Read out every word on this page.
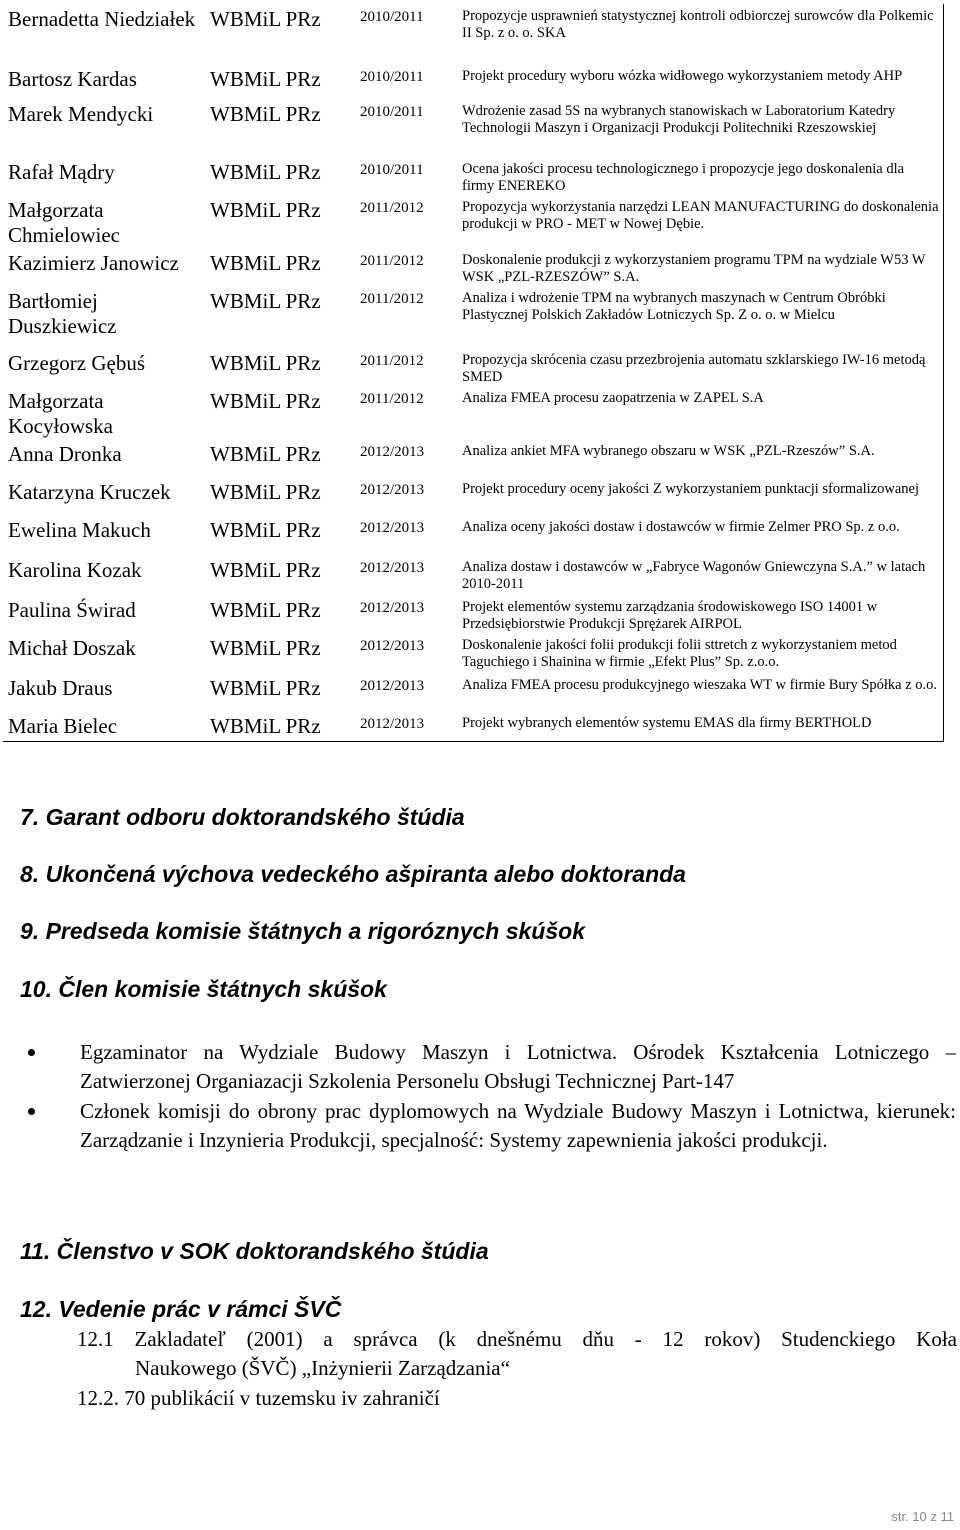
Bernadetta Niedziałek	WBMiL PRz	2010/2011	Propozycje usprawnień statystycznej kontroli odbiorczej surowców dla Polkemic II Sp. z o. o. SKA
Bartosz Kardas	WBMiL PRz	2010/2011	Projekt procedury wyboru wózka widłowego wykorzystaniem metody AHP
Marek Mendycki	WBMiL PRz	2010/2011	Wdrożenie zasad 5S na wybranych stanowiskach w Laboratorium Katedry Technologii Maszyn i Organizacji Produkcji Politechniki Rzeszowskiej
Rafał Mądry	WBMiL PRz	2010/2011	Ocena jakości procesu technologicznego i propozycje jego doskonalenia dla firmy ENEREKO
Małgorzata Chmielowiec	WBMiL PRz	2011/2012	Propozycja wykorzystania narzędzi LEAN MANUFACTURING do doskonalenia produkcji w PRO - MET w Nowej Dębie.
Kazimierz Janowicz	WBMiL PRz	2011/2012	Doskonalenie produkcji z wykorzystaniem programu TPM na wydziale W53 W WSK „PZL-RZESZÓW” S.A.
Bartłomiej Duszkiewicz	WBMiL PRz	2011/2012	Analiza i wdrożenie TPM na wybranych maszynach w Centrum Obróbki Plastycznej Polskich Zakładów Lotniczych Sp. Z o. o. w Mielcu
Grzegorz Gębuś	WBMiL PRz	2011/2012	Propozycja skrócenia czasu przezbrojenia automatu szklarskiego IW-16 metodą SMED
Małgorzata Kocyłowska	WBMiL PRz	2011/2012	Analiza FMEA procesu zaopatrzenia w ZAPEL S.A
Anna Dronka	WBMiL PRz	2012/2013	Analiza ankiet MFA wybranego obszaru w WSK „PZL-Rzeszów” S.A.
Katarzyna Kruczek	WBMiL PRz	2012/2013	Projekt procedury oceny jakości Z wykorzystaniem punktacji sformalizowanej
Ewelina Makuch	WBMiL PRz	2012/2013	Analiza oceny jakości dostaw i dostawców w firmie Zelmer PRO Sp. z o.o.
Karolina Kozak	WBMiL PRz	2012/2013	Analiza dostaw i dostawców w „Fabryce Wagonów Gniewczyna S.A.” w latach 2010-2011
Paulina Świrad	WBMiL PRz	2012/2013	Projekt elementów systemu zarządzania środowiskowego ISO 14001 w Przedsiębiorstwie Produkcji Sprężarek AIRPOL
Michał Doszak	WBMiL PRz	2012/2013	Doskonalenie jakości folii produkcji folii sttretch z wykorzystaniem metod Taguchiego i Shainina w firmie „Efekt Plus” Sp. z.o.o.
Jakub Draus	WBMiL PRz	2012/2013	Analiza FMEA procesu produkcyjnego wieszaka WT w firmie Bury Spółka z o.o.
Maria Bielec	WBMiL PRz	2012/2013	Projekt wybranych elementów systemu EMAS dla firmy BERTHOLD
7. Garant odboru doktorandského štúdia
8. Ukončená výchova vedeckého ašpiranta alebo doktoranda
9. Predseda komisie štátnych a rigoróznych skúšok
10. Člen komisie štátnych skúšok
Egzaminator na Wydziale Budowy Maszyn i Lotnictwa. Ośrodek Kształcenia Lotniczego – Zatwierzonej Organiazacji Szkolenia Personelu Obsługi Technicznej Part-147
Członek komisji do obrony prac dyplomowych na Wydziale Budowy Maszyn i Lotnictwa, kierunek: Zarządzanie i Inzynieria Produkcji, specjalność: Systemy zapewnienia jakości produkcji.
11. Členstvo v SOK doktorandského štúdia
12. Vedenie prác v rámci ŠVČ
12.1 Zakladateľ (2001) a správca (k dnešnému dňu - 12 rokov) Studenckiego Koła
Naukowego (ŠVČ) „Inżynierii Zarządzania“
12.2. 70 publikácií v tuzemsku iv zahraničí
str. 10 z 11
